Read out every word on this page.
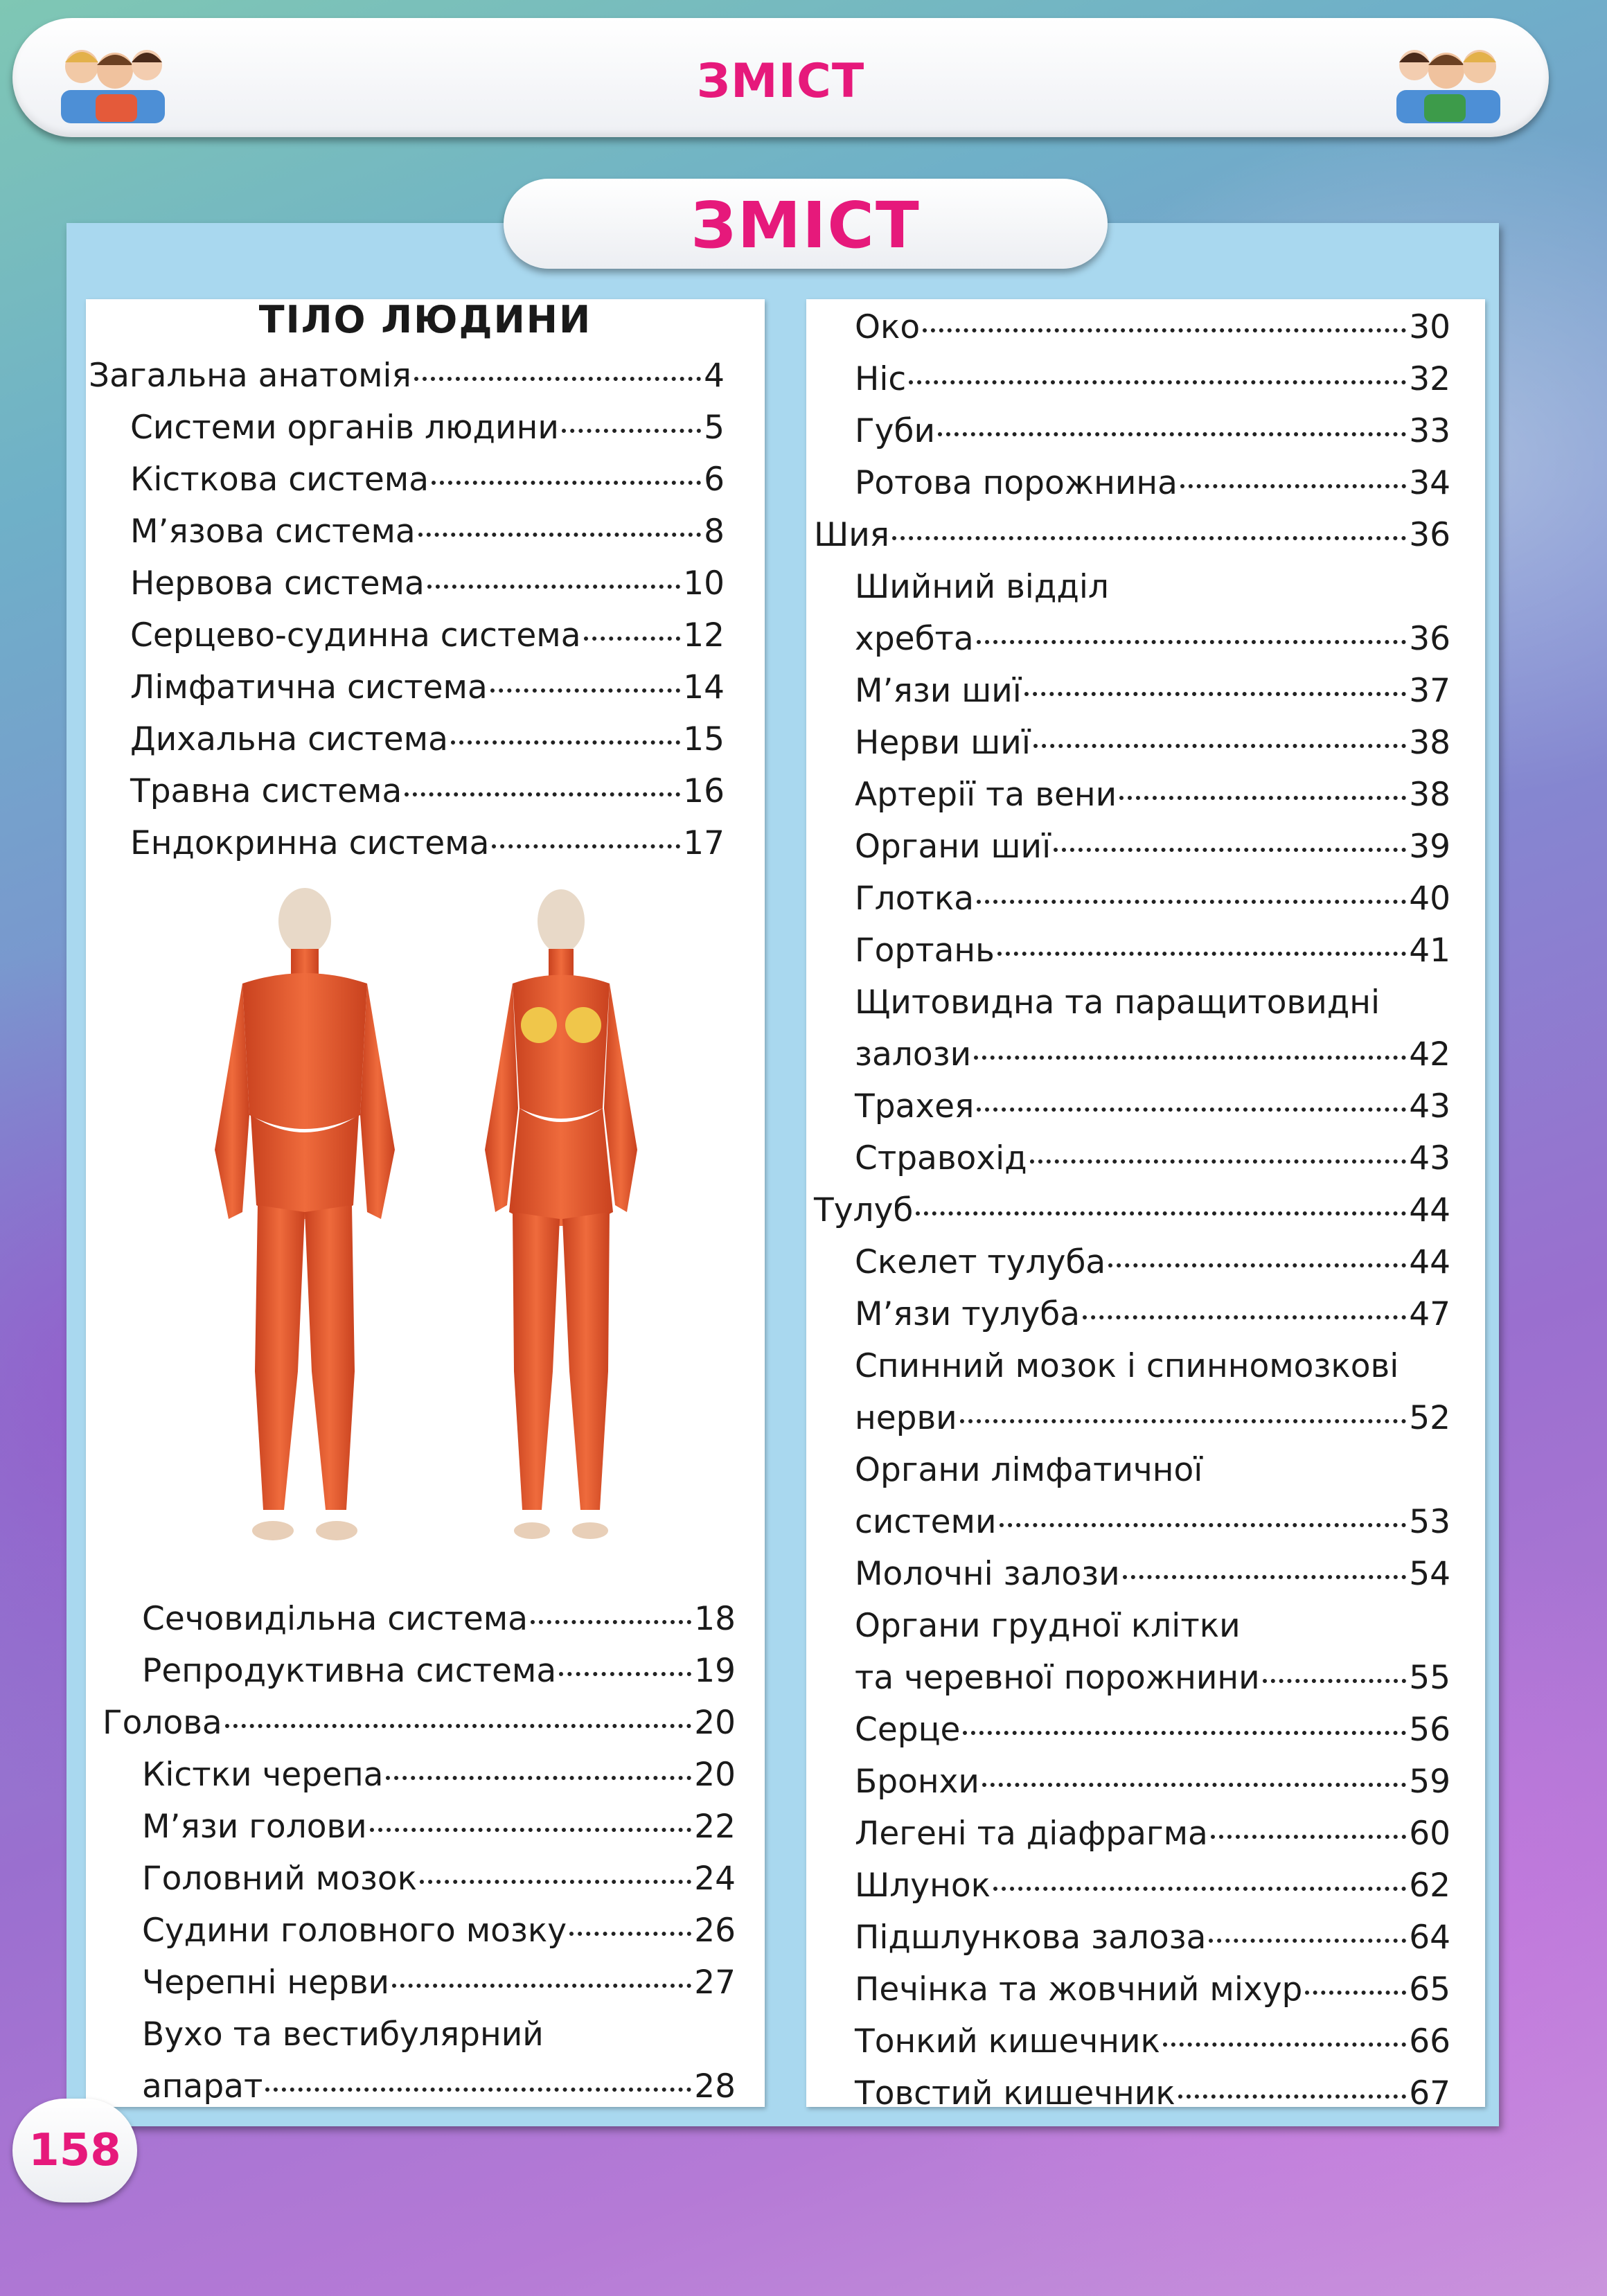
ЗМІСТ
ЗМІСТ
ТІЛО ЛЮДИНИ
Загальна анатомія	4
Системи органів людини	5
Кісткова система	6
М’язова система	8
Нервова система	10
Серцево-судинна система	12
Лімфатична система	14
Дихальна система	15
Травна система	16
Ендокринна система	17
Сечовидільна система	18
Репродуктивна система	19
Голова	20
Кістки черепа	20
М’язи голови	22
Головний мозок	24
Судини головного мозку	26
Черепні нерви	27
Вухо та вестибулярний
апарат	28
Око	30
Ніс	32
Губи	33
Ротова порожнина	34
Шия	36
Шийний відділ
хребта	36
М’язи шиї	37
Нерви шиї	38
Артерії та вени	38
Органи шиї	39
Глотка	40
Гортань	41
Щитовидна та паращитовидні
залози	42
Трахея	43
Стравохід	43
Тулуб	44
Скелет тулуба	44
М’язи тулуба	47
Спинний мозок і спинномозкові
нерви	52
Органи лімфатичної
системи	53
Молочні залози	54
Органи грудної клітки
та черевної порожнини	55
Серце	56
Бронхи	59
Легені та діафрагма	60
Шлунок	62
Підшлункова залоза	64
Печінка та жовчний міхур	65
Тонкий кишечник	66
Товстий кишечник	67
158
